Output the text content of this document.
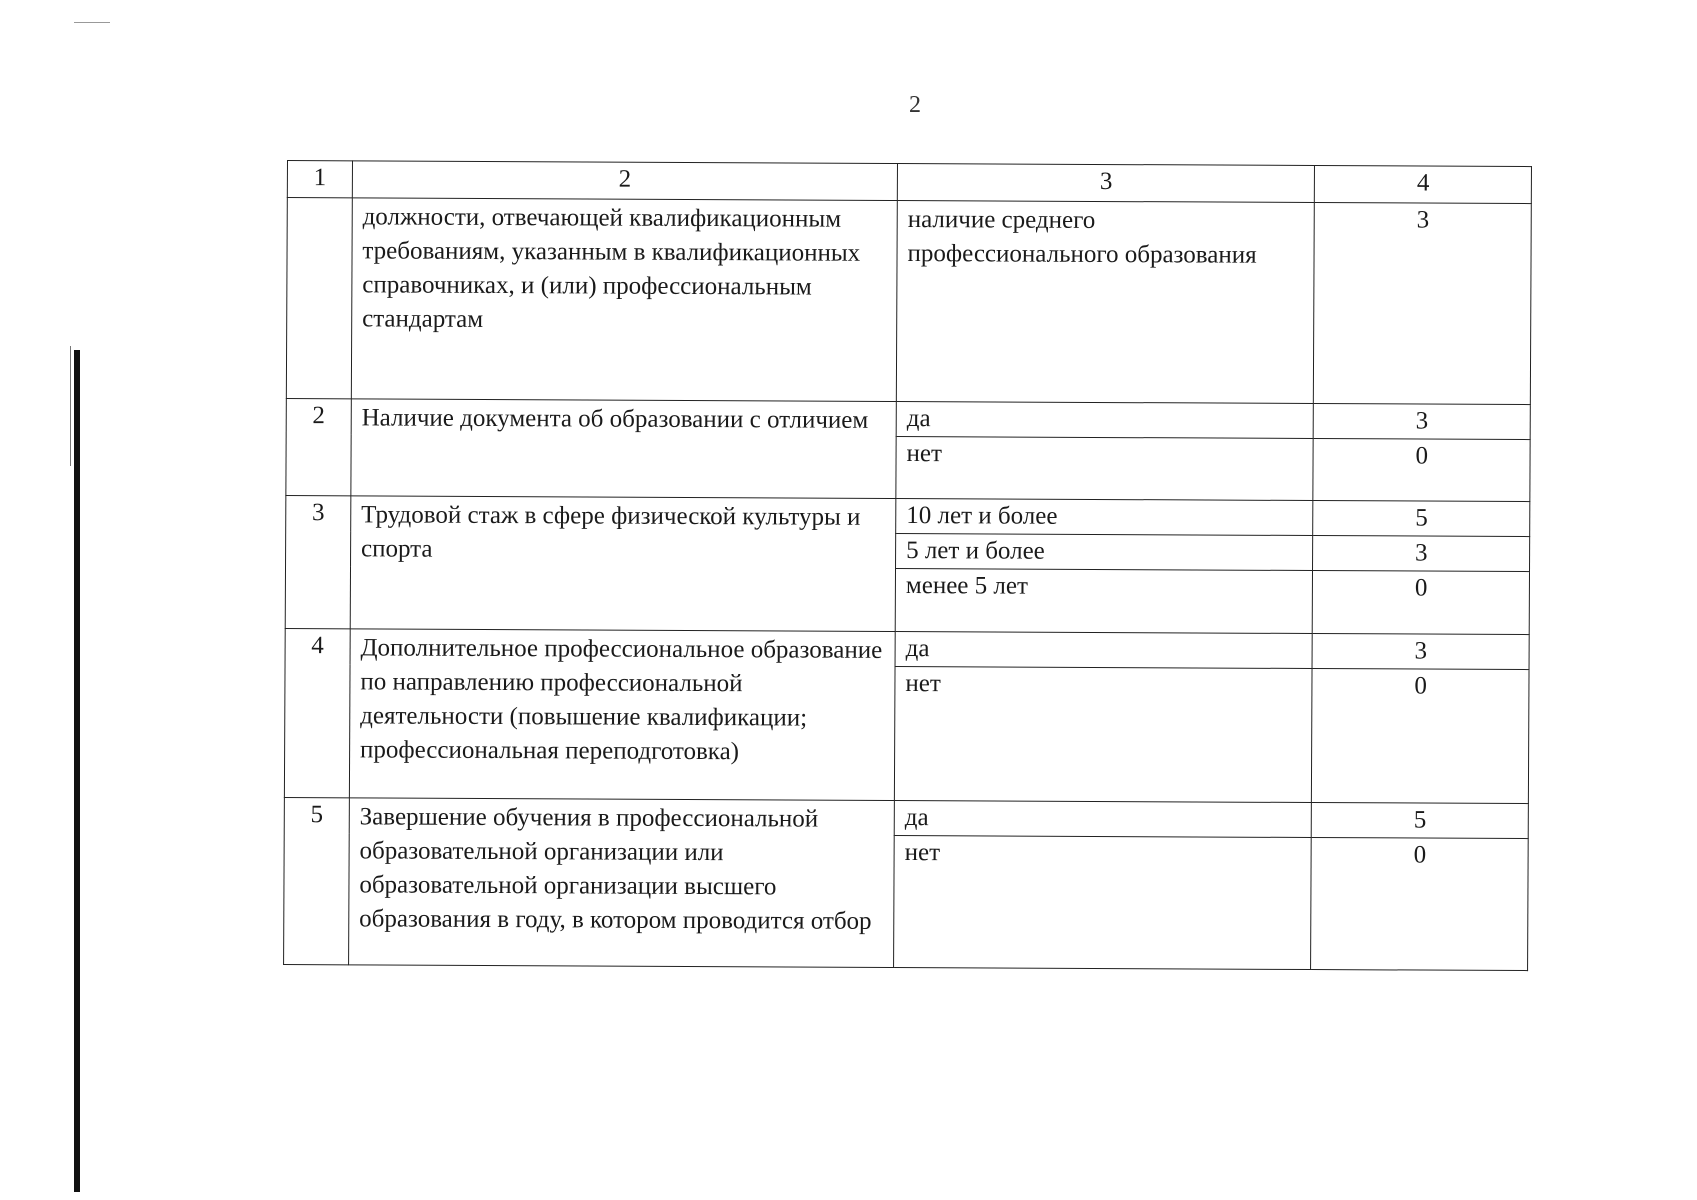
2
1	2	3	4

	должности, отвечающей квалификационным требованиям, указанным в квалификационных справочниках, и (или) профессиональным стандартам	наличие среднего профессионального образования	3
2	Наличие документа об образовании с отличием	да	3
		нет	0
3	Трудовой стаж в сфере физической культуры и спорта	10 лет и более	5
		5 лет и более	3
		менее 5 лет	0
4	Дополнительное профессиональное образование по направлению профессиональной деятельности (повышение квалификации; профессиональная переподготовка)	да	3
		нет	0
5	Завершение обучения в профессиональной образовательной организации или образовательной организации высшего образования в году, в котором проводится отбор	да	5
		нет	0
